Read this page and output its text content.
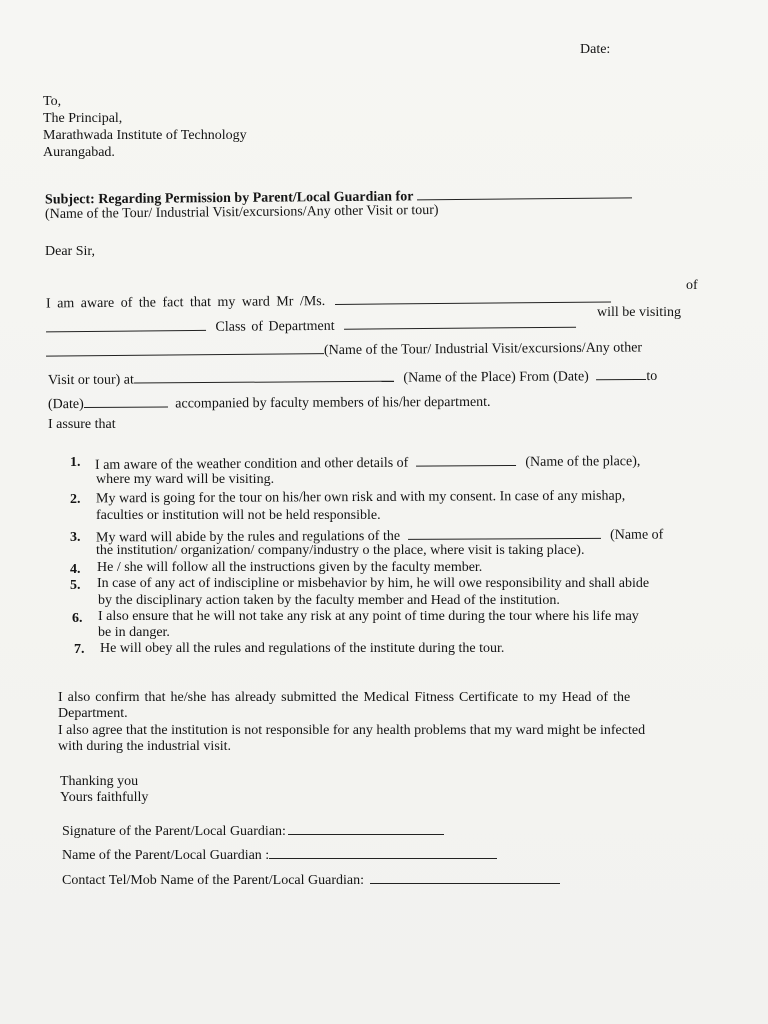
Date:
To,
The Principal,
Marathwada Institute of Technology
Aurangabad.
Subject: Regarding Permission by Parent/Local Guardian for
(Name of the Tour/ Industrial Visit/excursions/Any other Visit or tour)
Dear Sir,
I am aware of the fact that my ward Mr /Ms.
of
Class of Department
will be visiting
(Name of the Tour/ Industrial Visit/excursions/Any other
Visit or tour) at	(Name of the Place) From (Date)	to
(Date)	accompanied by faculty members of his/her department.
I assure that
1. I am aware of the weather condition and other details of	(Name of the place),
where my ward will be visiting.
2. My ward is going for the tour on his/her own risk and with my consent. In case of any mishap,
faculties or institution will not be held responsible.
3. My ward will abide by the rules and regulations of the	(Name of
the institution/ organization/ company/industry o the place, where visit is taking place).
4. He / she will follow all the instructions given by the faculty member.
5. In case of any act of indiscipline or misbehavior by him, he will owe responsibility and shall abide
by the disciplinary action taken by the faculty member and Head of the institution.
6. I also ensure that he will not take any risk at any point of time during the tour where his life may
be in danger.
7. He will obey all the rules and regulations of the institute during the tour.
I also confirm that he/she has already submitted the Medical Fitness Certificate to my Head of the
Department.
I also agree that the institution is not responsible for any health problems that my ward might be infected
with during the industrial visit.
Thanking you
Yours faithfully
Signature of the Parent/Local Guardian:
Name of the Parent/Local Guardian :
Contact Tel/Mob Name of the Parent/Local Guardian:
